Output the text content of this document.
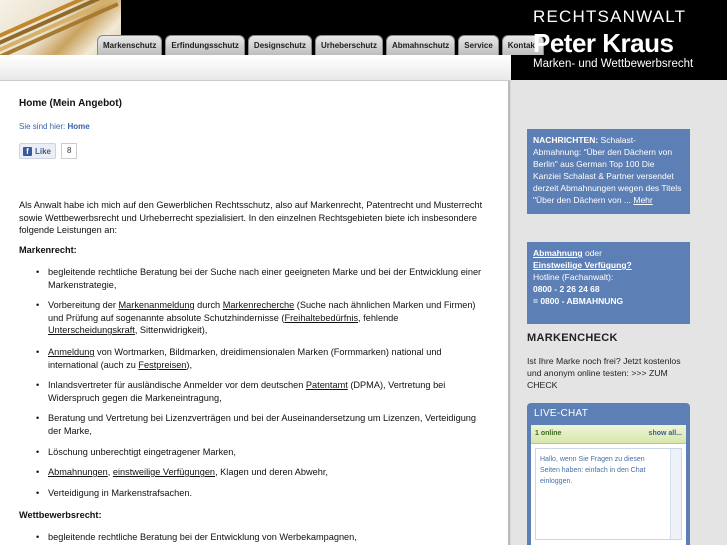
Markenschutz	Erfindungsschutz	Designschutz	Urheberschutz	Abmahnschutz	Service	Kontakt
RECHTSANWALT
Peter Kraus
Marken- und Wettbewerbsrecht
Home (Mein Angebot)
Sie sind hier: Home
f Like	8
Als Anwalt habe ich mich auf den Gewerblichen Rechtsschutz, also auf Markenrecht, Patentrecht und Musterrecht sowie Wettbewerbsrecht und Urheberrecht spezialisiert. In den einzelnen Rechtsgebieten biete ich insbesondere folgende Leistungen an:
Markenrecht:
• begleitende rechtliche Beratung bei der Suche nach einer geeigneten Marke und bei der Entwicklung einer Markenstrategie,
• Vorbereitung der Markenanmeldung durch Markenrecherche (Suche nach ähnlichen Marken und Firmen) und Prüfung auf sogenannte absolute Schutzhindernisse (Freihaltebedürfnis, fehlende Unterscheidungskraft, Sittenwidrigkeit),
• Anmeldung von Wortmarken, Bildmarken, dreidimensionalen Marken (Formmarken) national und international (auch zu Festpreisen),
• Inlandsvertreter für ausländische Anmelder vor dem deutschen Patentamt (DPMA), Vertretung bei Widerspruch gegen die Markeneintragung,
• Beratung und Vertretung bei Lizenzverträgen und bei der Auseinandersetzung um Lizenzen, Verteidigung der Marke,
• Löschung unberechtigt eingetragener Marken,
• Abmahnungen, einstweilige Verfügungen, Klagen und deren Abwehr,
• Verteidigung in Markenstrafsachen.
Wettbewerbsrecht:
• begleitende rechtliche Beratung bei der Entwicklung von Werbekampagnen,
NACHRICHTEN: Schalast-Abmahnung: "Über den Dächern von Berlin" aus German Top 100 Die Kanziei Schalast & Partner versendet derzeit Abmahnungen wegen des Titels "Über den Dächern von ... Mehr
Abmahnung oder
Einstweilige Verfügung?
Hotline (Fachanwalt):
0800 - 2 26 24 68
= 0800 - ABMAHNUNG
MARKENCHECK
Ist Ihre Marke noch frei? Jetzt kostenlos und anonym online testen: >>> ZUM CHECK
LIVE-CHAT
1 online	show all...
Hallo, wenn Sie Fragen zu diesen Seiten haben: einfach in den Chat einloggen.
